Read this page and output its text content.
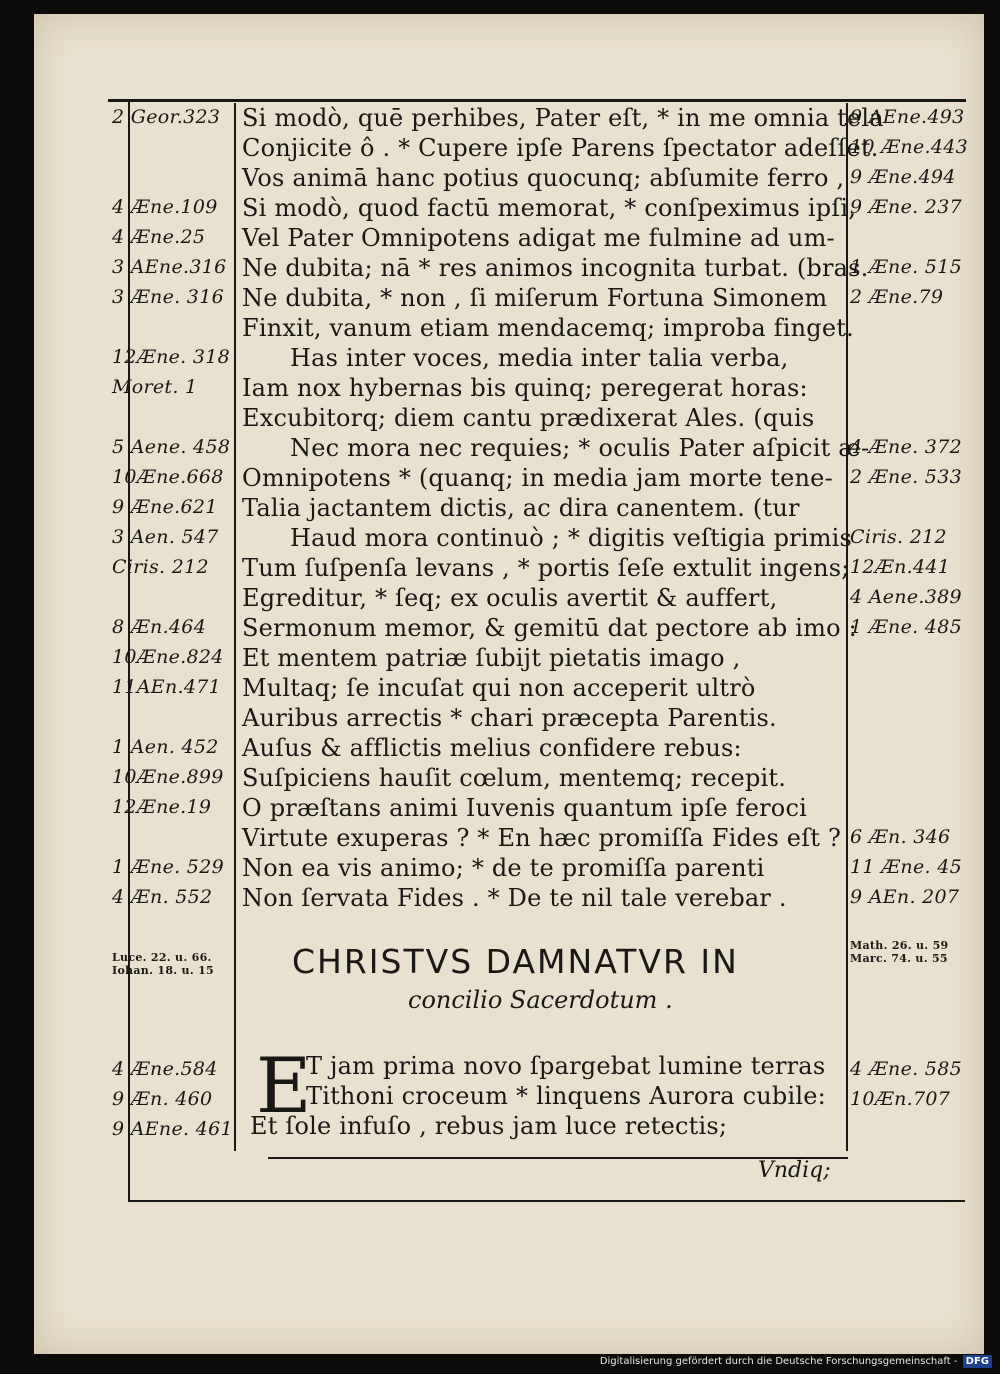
2 Geor.323
4 Æne.109
4 Æne.25
3 AEne.316
3 Æne. 316
12Æne. 318
Moret. 1
5 Aene. 458
10Æne.668
9 Æne.621
3 Aen. 547
Ciris. 212
8 Æn.464
10Æne.824
11AEn.471
1 Aen. 452
10Æne.899
12Æne.19
1 Æne. 529
4 Æn. 552
Luce. 22. u. 66.
Iohan. 18. u. 15
4 Æne.584
9 Æn. 460
9 AEne. 461
9 AEne.493
10 Æne.443
9 Æne.494
9 Æne. 237
1 Æne. 515
2 Æne.79
4 Æne. 372
2 Æne. 533
Ciris. 212
12Æn.441
4 Aene.389
1 Æne. 485
6 Æn. 346
11 Æne. 45
9 AEn. 207
Math. 26. u. 59
Marc. 74. u. 55
4 Æne. 585
10Æn.707
Si modò, quē perhibes, Pater eſt, * in me omnia tela
Conjicite ô . * Cupere ipſe Parens ſpectator adeſſet.
Vos animā hanc potius quocunq; abſumite ferro ,
Si modò, quod factū memorat, * conſpeximus ipſi,
Vel Pater Omnipotens adigat me fulmine ad um-
Ne dubita; nā * res animos incognita turbat. (bras.
Ne dubita, * non , ſi miſerum Fortuna Simonem
Finxit, vanum etiam mendacemq; improba finget.
Has inter voces, media inter talia verba,
Iam nox hybernas bis quinq; peregerat horas:
Excubitorq; diem cantu prædixerat Ales. (quis
Nec mora nec requies; * oculis Pater aſpicit æ-
Omnipotens * (quanq; in media jam morte tene-
Talia jactantem dictis, ac dira canentem. (tur
Haud mora continuò ; * digitis veſtigia primis
Tum ſuſpenſa levans , * portis ſeſe extulit ingens;
Egreditur, * ſeq; ex oculis avertit & auffert,
Sermonum memor, & gemitū dat pectore ab imo :
Et mentem patriæ ſubijt pietatis imago ,
Multaq; ſe incuſat qui non acceperit ultrò
Auribus arrectis * chari præcepta Parentis.
Auſus & afflictis melius confidere rebus:
Suſpiciens hauſit cœlum, mentemq; recepit.
O præſtans animi Iuvenis quantum ipſe feroci
Virtute exuperas ? * En hæc promiſſa Fides eſt ?
Non ea vis animo; * de te promiſſa parenti
Non ſervata Fides . * De te nil tale verebar .
CHRISTVS DAMNATVR IN
concilio Sacerdotum .
E
T jam prima novo ſpargebat lumine terras
Tithoni croceum * linquens Aurora cubile:
Et ſole infuſo , rebus jam luce retectis;
Vndiq;
Digitalisierung gefördert durch die Deutsche Forschungsgemeinschaft - DFG
